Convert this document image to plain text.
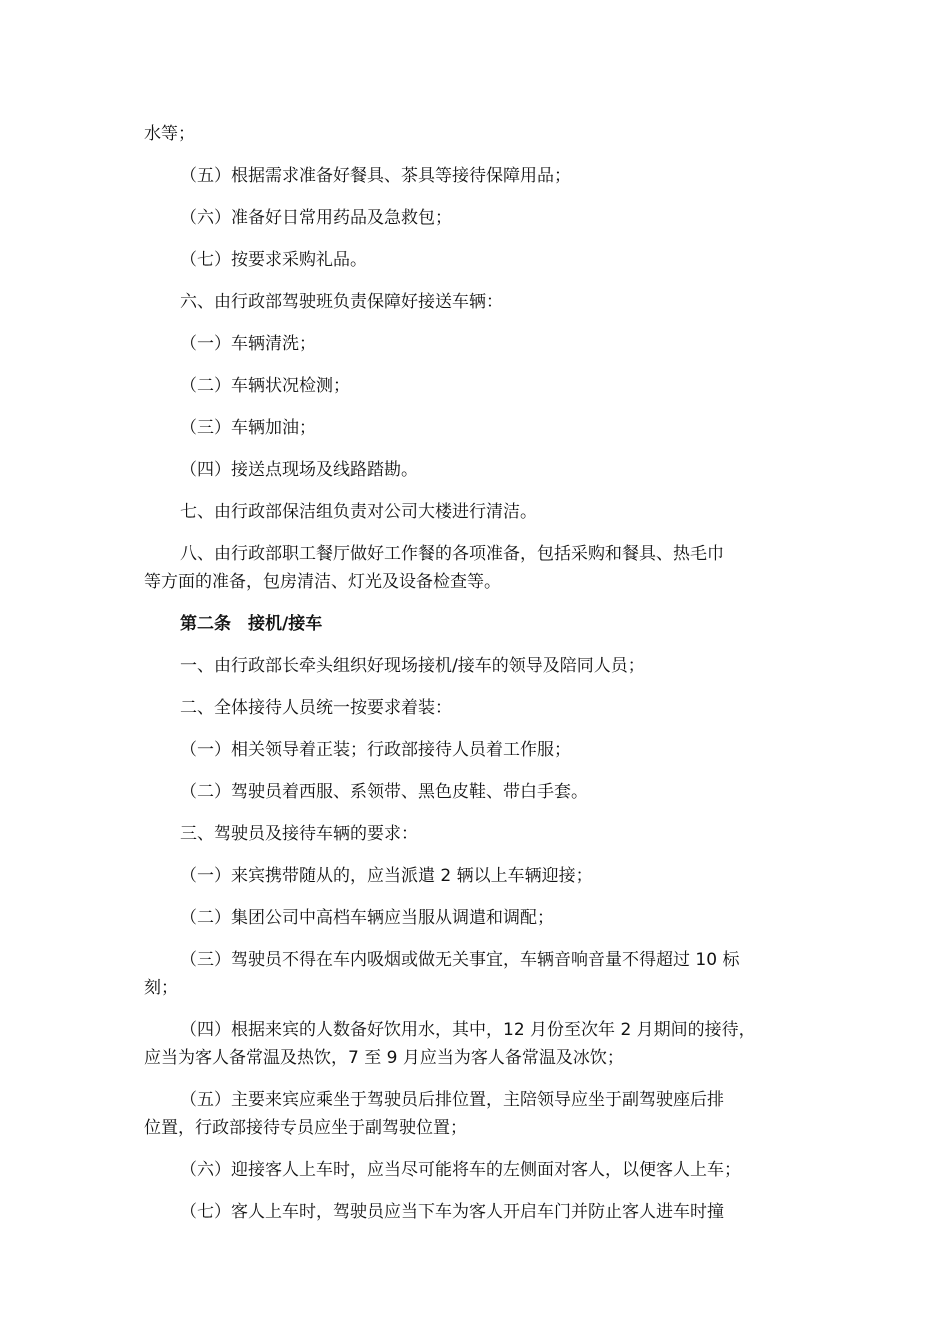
水等；
（五）根据需求准备好餐具、茶具等接待保障用品；
（六）准备好日常用药品及急救包；
（七）按要求采购礼品。
六、由行政部驾驶班负责保障好接送车辆：
（一）车辆清洗；
（二）车辆状况检测；
（三）车辆加油；
（四）接送点现场及线路踏勘。
七、由行政部保洁组负责对公司大楼进行清洁。
八、由行政部职工餐厅做好工作餐的各项准备，包括采购和餐具、热毛巾
等方面的准备，包房清洁、灯光及设备检查等。
第二条　接机/接车
一、由行政部长牵头组织好现场接机/接车的领导及陪同人员；
二、全体接待人员统一按要求着装：
（一）相关领导着正装；行政部接待人员着工作服；
（二）驾驶员着西服、系领带、黑色皮鞋、带白手套。
三、驾驶员及接待车辆的要求：
（一）来宾携带随从的，应当派遣 2 辆以上车辆迎接；
（二）集团公司中高档车辆应当服从调遣和调配；
（三）驾驶员不得在车内吸烟或做无关事宜，车辆音响音量不得超过 10 标
刻；
（四）根据来宾的人数备好饮用水，其中，12 月份至次年 2 月期间的接待，
应当为客人备常温及热饮，7 至 9 月应当为客人备常温及冰饮；
（五）主要来宾应乘坐于驾驶员后排位置，主陪领导应坐于副驾驶座后排
位置，行政部接待专员应坐于副驾驶位置；
（六）迎接客人上车时，应当尽可能将车的左侧面对客人，以便客人上车；
（七）客人上车时，驾驶员应当下车为客人开启车门并防止客人进车时撞
